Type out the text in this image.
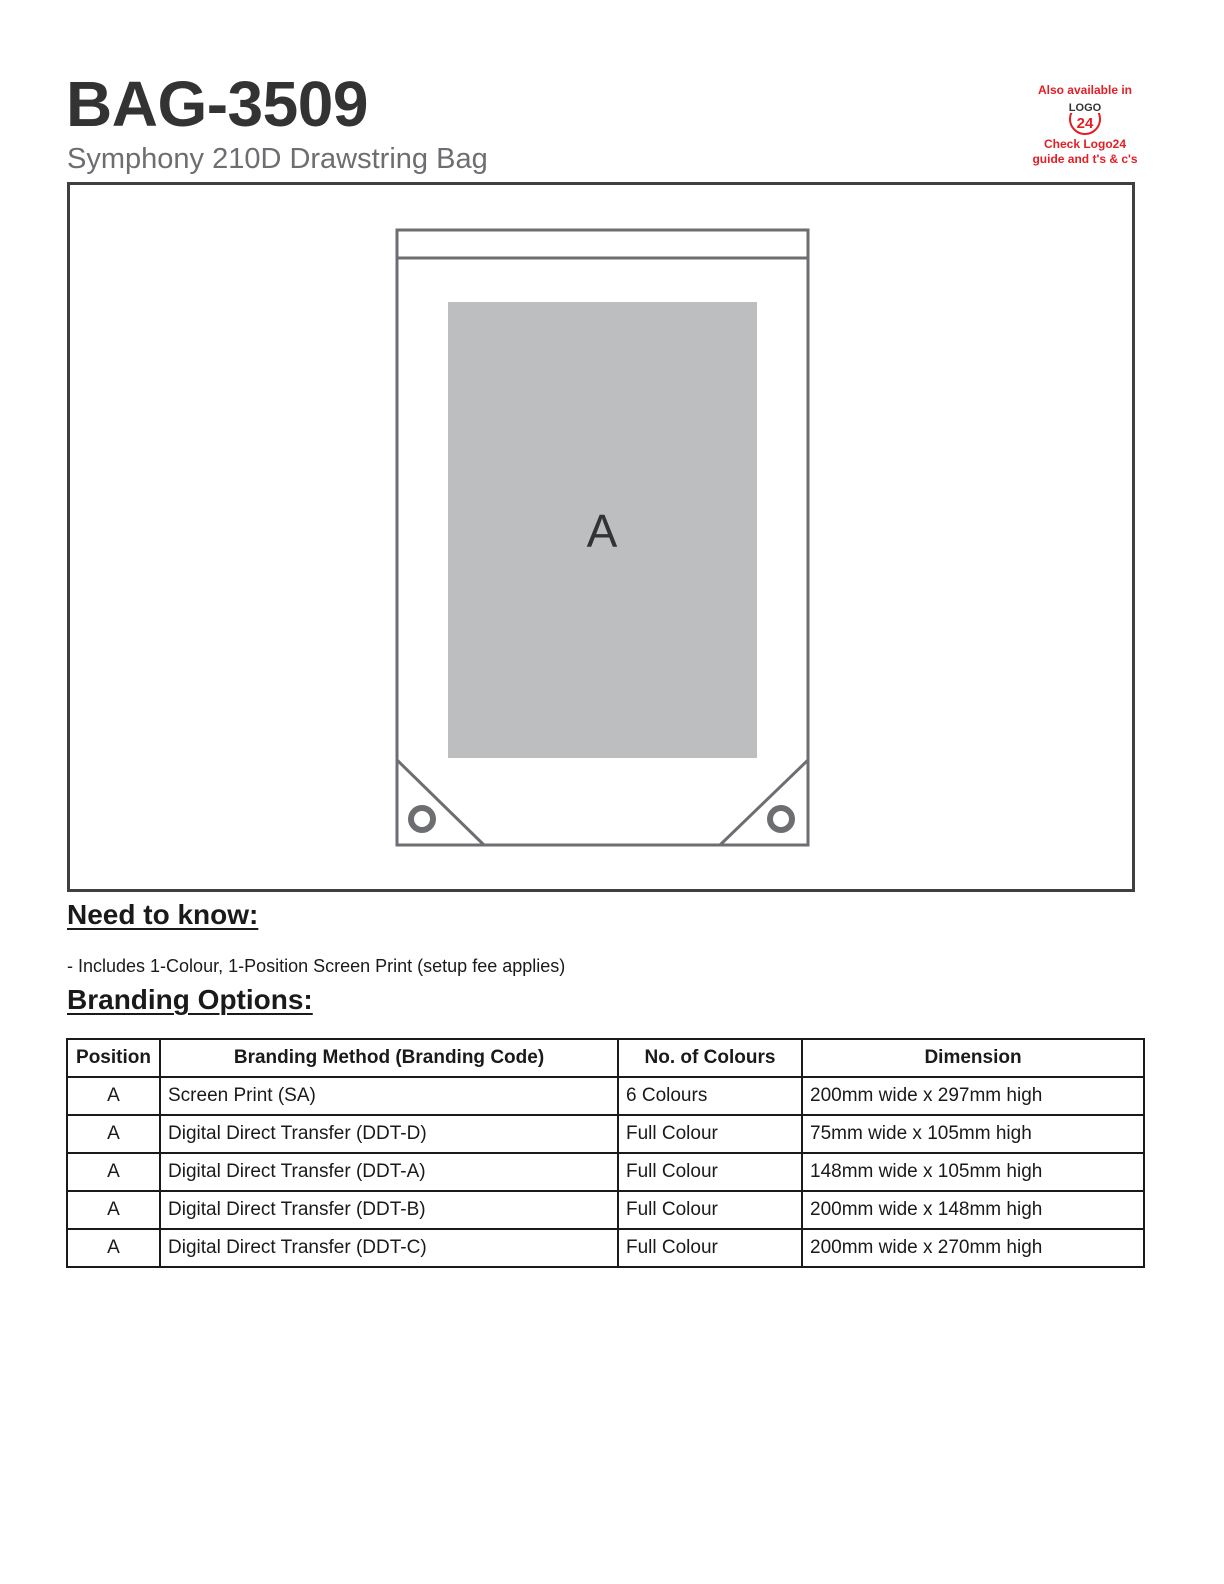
BAG-3509
Symphony 210D Drawstring Bag
Also available in
LOGO
24
Check Logo24
guide and t's & c's
A
Need to know:

- Includes 1-Colour, 1-Position Screen Print (setup fee applies)

Branding Options:
Position	Branding Method (Branding Code)	No. of Colours	Dimension
A	Screen Print (SA)	6 Colours	200mm wide x 297mm high
A	Digital Direct Transfer (DDT-D)	Full Colour	75mm wide x 105mm high
A	Digital Direct Transfer (DDT-A)	Full Colour	148mm wide x 105mm high
A	Digital Direct Transfer (DDT-B)	Full Colour	200mm wide x 148mm high
A	Digital Direct Transfer (DDT-C)	Full Colour	200mm wide x 270mm high
